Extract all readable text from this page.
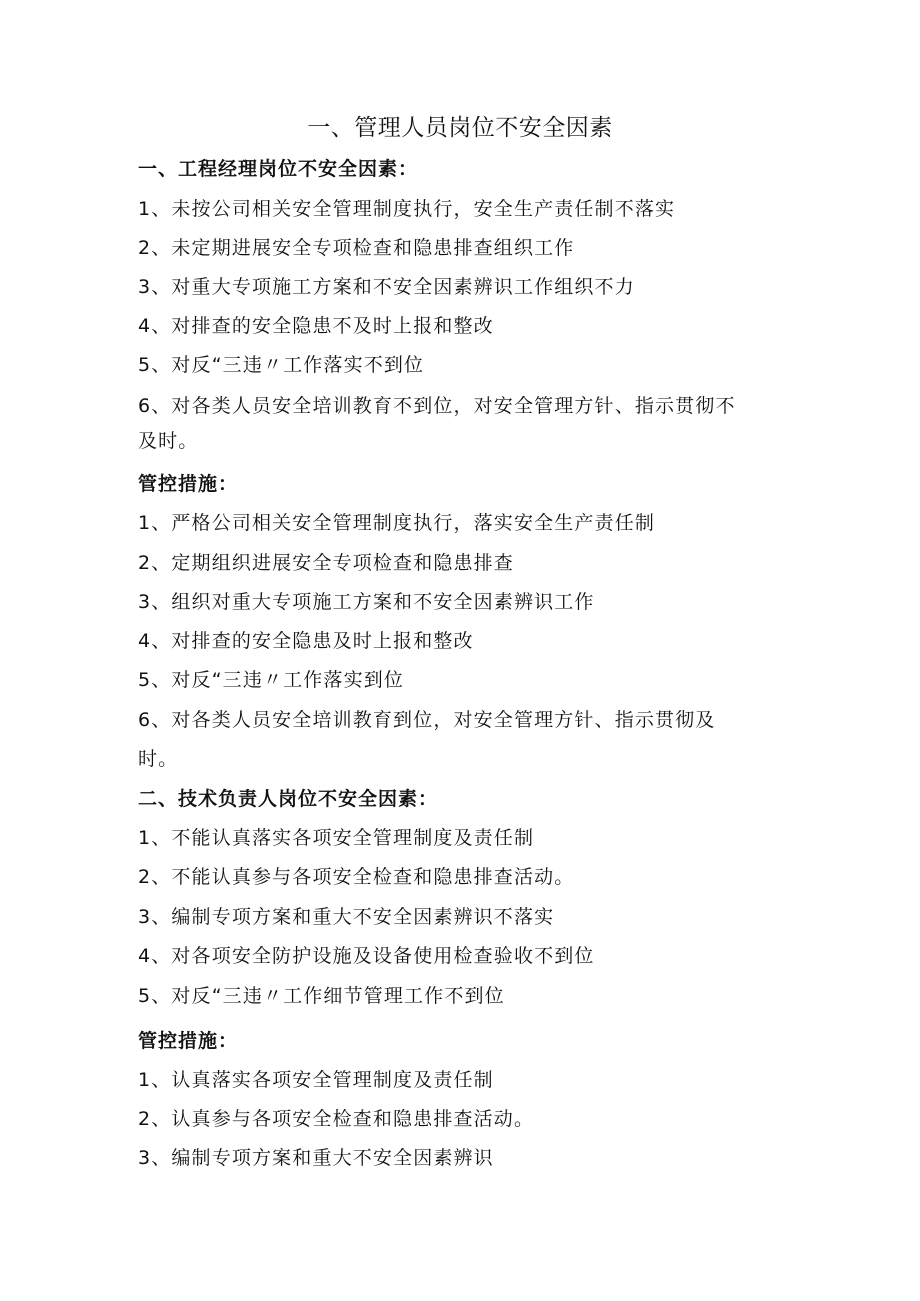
一、管理人员岗位不安全因素
一、工程经理岗位不安全因素：
1、未按公司相关安全管理制度执行，安全生产责任制不落实
2、未定期进展安全专项检查和隐患排查组织工作
3、对重大专项施工方案和不安全因素辨识工作组织不力
4、对排查的安全隐患不及时上报和整改
5、对反“三违〃工作落实不到位
6、对各类人员安全培训教育不到位，对安全管理方针、指示贯彻不
及时。
管控措施：
1、严格公司相关安全管理制度执行，落实安全生产责任制
2、定期组织进展安全专项检查和隐患排查
3、组织对重大专项施工方案和不安全因素辨识工作
4、对排查的安全隐患及时上报和整改
5、对反“三违〃工作落实到位
6、对各类人员安全培训教育到位，对安全管理方针、指示贯彻及
时。
二、技术负责人岗位不安全因素：
1、不能认真落实各项安全管理制度及责任制
2、不能认真参与各项安全检查和隐患排查活动。
3、编制专项方案和重大不安全因素辨识不落实
4、对各项安全防护设施及设备使用检查验收不到位
5、对反“三违〃工作细节管理工作不到位
管控措施：
1、认真落实各项安全管理制度及责任制
2、认真参与各项安全检查和隐患排查活动。
3、编制专项方案和重大不安全因素辨识
